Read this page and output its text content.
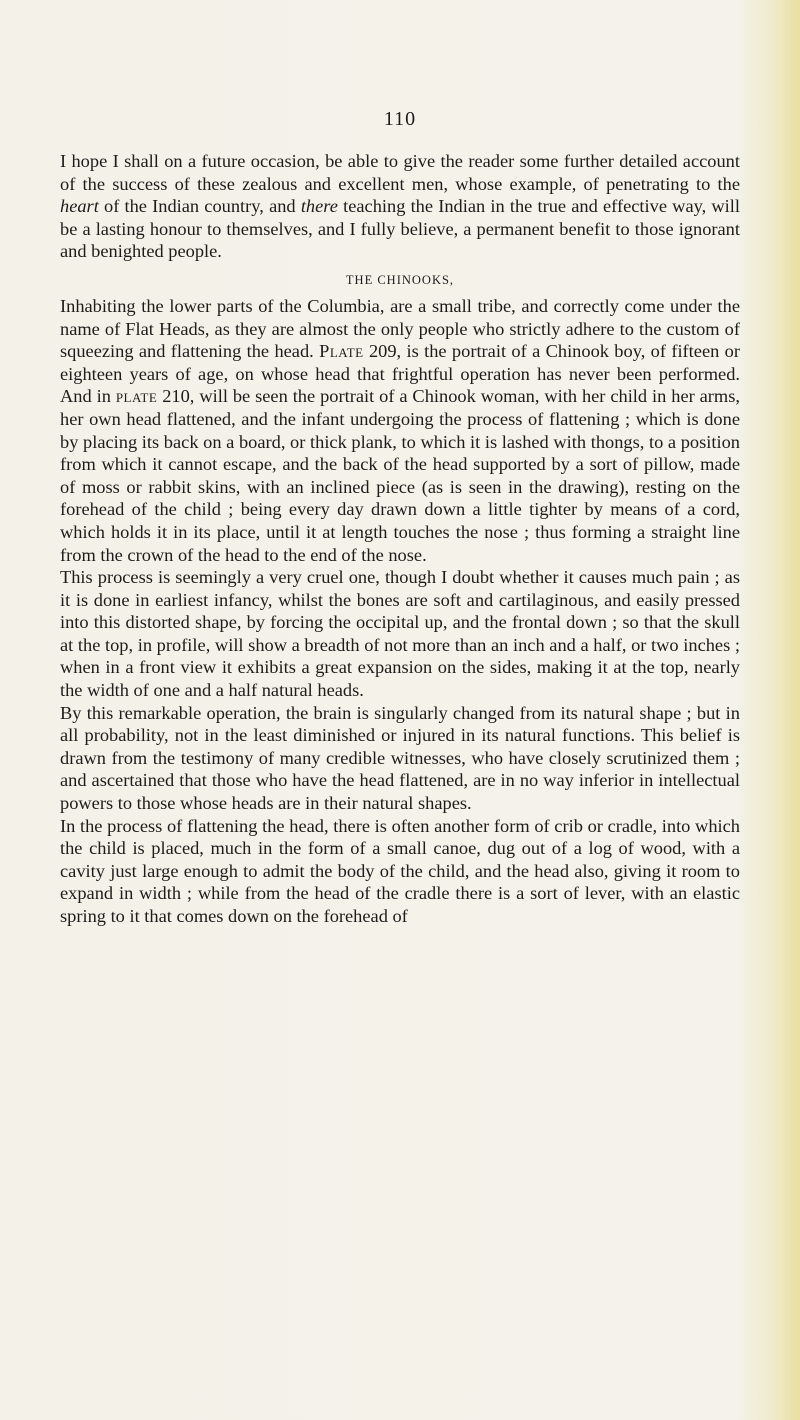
110

I hope I shall on a future occasion, be able to give the reader some further detailed account of the success of these zealous and excellent men, whose example, of penetrating to the heart of the Indian country, and there teaching the Indian in the true and effective way, will be a lasting honour to themselves, and I fully believe, a permanent benefit to those ignorant and benighted people.

THE CHINOOKS,

Inhabiting the lower parts of the Columbia, are a small tribe, and correctly come under the name of Flat Heads, as they are almost the only people who strictly adhere to the custom of squeezing and flattening the head. Plate 209, is the portrait of a Chinook boy, of fifteen or eighteen years of age, on whose head that frightful operation has never been performed. And in plate 210, will be seen the portrait of a Chinook woman, with her child in her arms, her own head flattened, and the infant undergoing the process of flattening ; which is done by placing its back on a board, or thick plank, to which it is lashed with thongs, to a position from which it cannot escape, and the back of the head supported by a sort of pillow, made of moss or rabbit skins, with an inclined piece (as is seen in the drawing), resting on the forehead of the child ; being every day drawn down a little tighter by means of a cord, which holds it in its place, until it at length touches the nose ; thus forming a straight line from the crown of the head to the end of the nose.

This process is seemingly a very cruel one, though I doubt whether it causes much pain ; as it is done in earliest infancy, whilst the bones are soft and cartilaginous, and easily pressed into this distorted shape, by forcing the occipital up, and the frontal down ; so that the skull at the top, in profile, will show a breadth of not more than an inch and a half, or two inches ; when in a front view it exhibits a great expansion on the sides, making it at the top, nearly the width of one and a half natural heads.

By this remarkable operation, the brain is singularly changed from its natural shape ; but in all probability, not in the least diminished or injured in its natural functions. This belief is drawn from the testimony of many credible witnesses, who have closely scrutinized them ; and ascertained that those who have the head flattened, are in no way inferior in intellectual powers to those whose heads are in their natural shapes.

In the process of flattening the head, there is often another form of crib or cradle, into which the child is placed, much in the form of a small canoe, dug out of a log of wood, with a cavity just large enough to admit the body of the child, and the head also, giving it room to expand in width ; while from the head of the cradle there is a sort of lever, with an elastic spring to it that comes down on the forehead of
